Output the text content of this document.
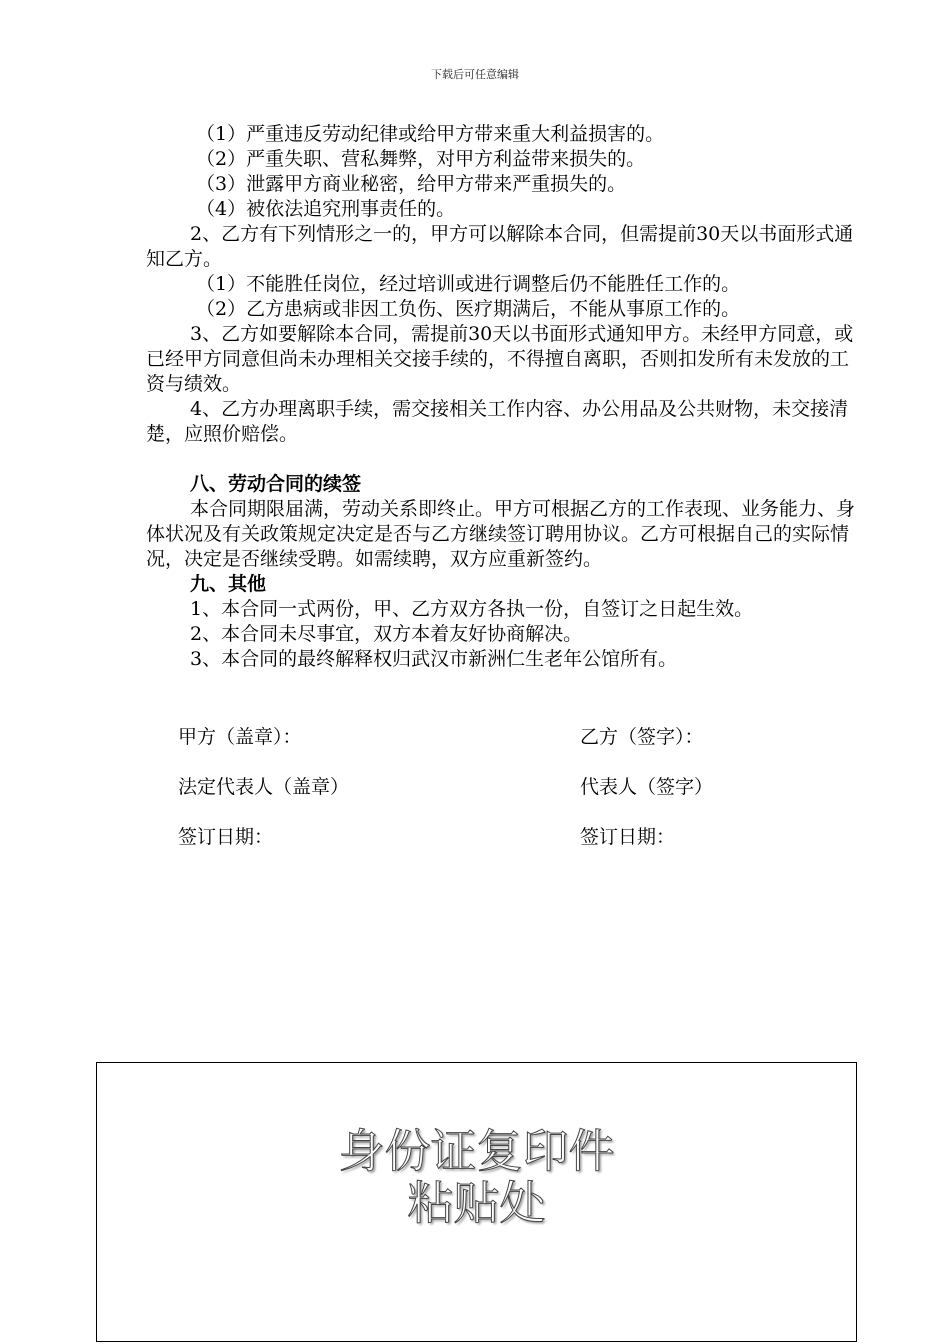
下载后可任意编辑

（1）严重违反劳动纪律或给甲方带来重大利益损害的。

（2）严重失职、营私舞弊，对甲方利益带来损失的。

（3）泄露甲方商业秘密，给甲方带来严重损失的。

（4）被依法追究刑事责任的。

2、乙方有下列情形之一的，甲方可以解除本合同，但需提前30天以书面形式通知乙方。

（1）不能胜任岗位，经过培训或进行调整后仍不能胜任工作的。

（2）乙方患病或非因工负伤、医疗期满后，不能从事原工作的。

3、乙方如要解除本合同，需提前30天以书面形式通知甲方。未经甲方同意，或已经甲方同意但尚未办理相关交接手续的，不得擅自离职，否则扣发所有未发放的工资与绩效。

4、乙方办理离职手续，需交接相关工作内容、办公用品及公共财物，未交接清楚，应照价赔偿。

八、劳动合同的续签

本合同期限届满，劳动关系即终止。甲方可根据乙方的工作表现、业务能力、身体状况及有关政策规定决定是否与乙方继续签订聘用协议。乙方可根据自己的实际情况，决定是否继续受聘。如需续聘，双方应重新签约。

九、其他

1、本合同一式两份，甲、乙方双方各执一份，自签订之日起生效。

2、本合同未尽事宜，双方本着友好协商解决。

3、本合同的最终解释权归武汉市新洲仁生老年公馆所有。

甲方（盖章）：	乙方（签字）：
法定代表人（盖章）	代表人（签字）
签订日期：	签订日期：
身份证复印件
粘贴处
